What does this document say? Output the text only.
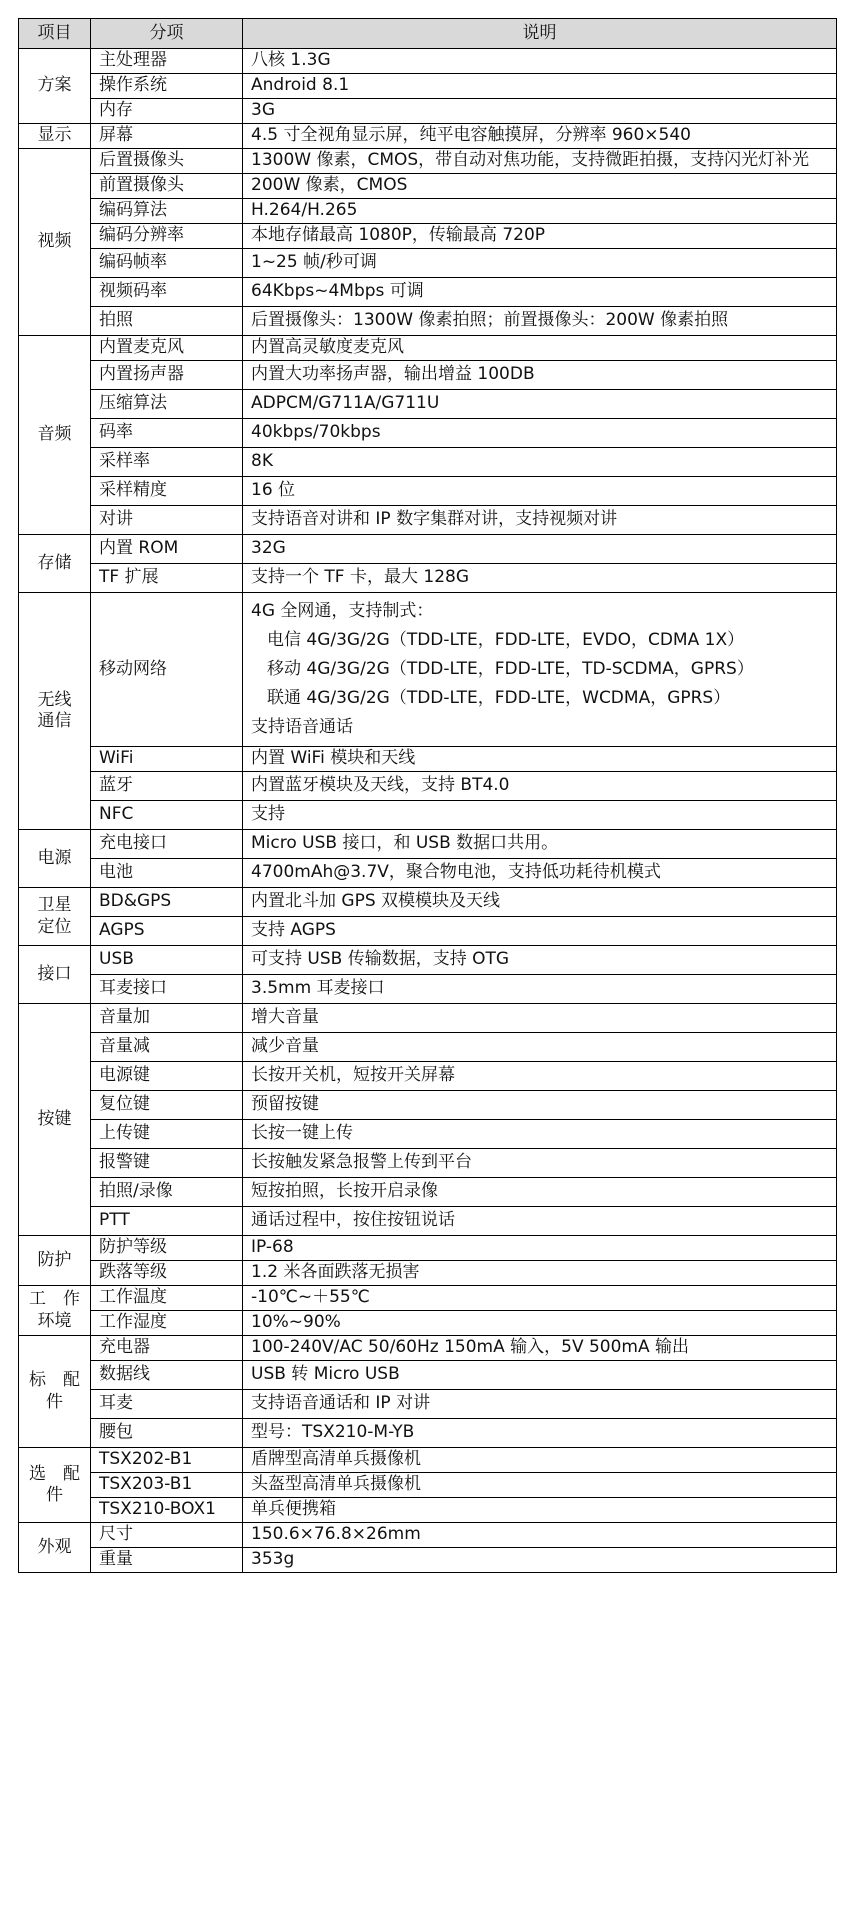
项目	分项	说明

方案	主处理器	八核 1.3G
	操作系统	Android 8.1
	内存	3G

显示	屏幕	4.5 寸全视角显示屏，纯平电容触摸屏，分辨率 960×540

视频	后置摄像头	1300W 像素，CMOS，带自动对焦功能，支持微距拍摄，支持闪光灯补光
	前置摄像头	200W 像素，CMOS
	编码算法	H.264/H.265
	编码分辨率	本地存储最高 1080P，传输最高 720P
	编码帧率	1~25 帧/秒可调
	视频码率	64Kbps~4Mbps 可调
	拍照	后置摄像头：1300W 像素拍照；前置摄像头：200W 像素拍照

音频	内置麦克风	内置高灵敏度麦克风
	内置扬声器	内置大功率扬声器，输出增益 100DB
	压缩算法	ADPCM/G711A/G711U
	码率	40kbps/70kbps
	采样率	8K
	采样精度	16 位
	对讲	支持语音对讲和 IP 数字集群对讲，支持视频对讲

存储	内置 ROM	32G
	TF 扩展	支持一个 TF 卡，最大 128G

无线
通信	移动网络	4G 全网通，支持制式：
电信 4G/3G/2G（TDD-LTE，FDD-LTE，EVDO，CDMA 1X）
移动 4G/3G/2G（TDD-LTE，FDD-LTE，TD-SCDMA，GPRS）
联通 4G/3G/2G（TDD-LTE，FDD-LTE，WCDMA，GPRS）
支持语音通话

	WiFi	内置 WiFi 模块和天线
	蓝牙	内置蓝牙模块及天线，支持 BT4.0
	NFC	支持

电源	充电接口	Micro USB 接口，和 USB 数据口共用。
	电池	4700mAh@3.7V，聚合物电池，支持低功耗待机模式

卫星
定位	BD&GPS	内置北斗加 GPS 双模模块及天线
	AGPS	支持 AGPS

接口	USB	可支持 USB 传输数据，支持 OTG
	耳麦接口	3.5mm 耳麦接口

按键	音量加	增大音量
	音量减	减少音量
	电源键	长按开关机，短按开关屏幕
	复位键	预留按键
	上传键	长按一键上传
	报警键	长按触发紧急报警上传到平台
	拍照/录像	短按拍照，长按开启录像
	PTT	通话过程中，按住按钮说话

防护	防护等级	IP-68
	跌落等级	1.2 米各面跌落无损害

工　作
环境	工作温度	-10℃~＋55℃
	工作湿度	10%~90%

标　配
件	充电器	100-240V/AC 50/60Hz 150mA 输入，5V 500mA 输出
	数据线	USB 转 Micro USB
	耳麦	支持语音通话和 IP 对讲
	腰包	型号：TSX210-M-YB

选　配
件	TSX202-B1	盾牌型高清单兵摄像机
	TSX203-B1	头盔型高清单兵摄像机
	TSX210-BOX1	单兵便携箱

外观	尺寸	150.6×76.8×26mm
	重量	353g
